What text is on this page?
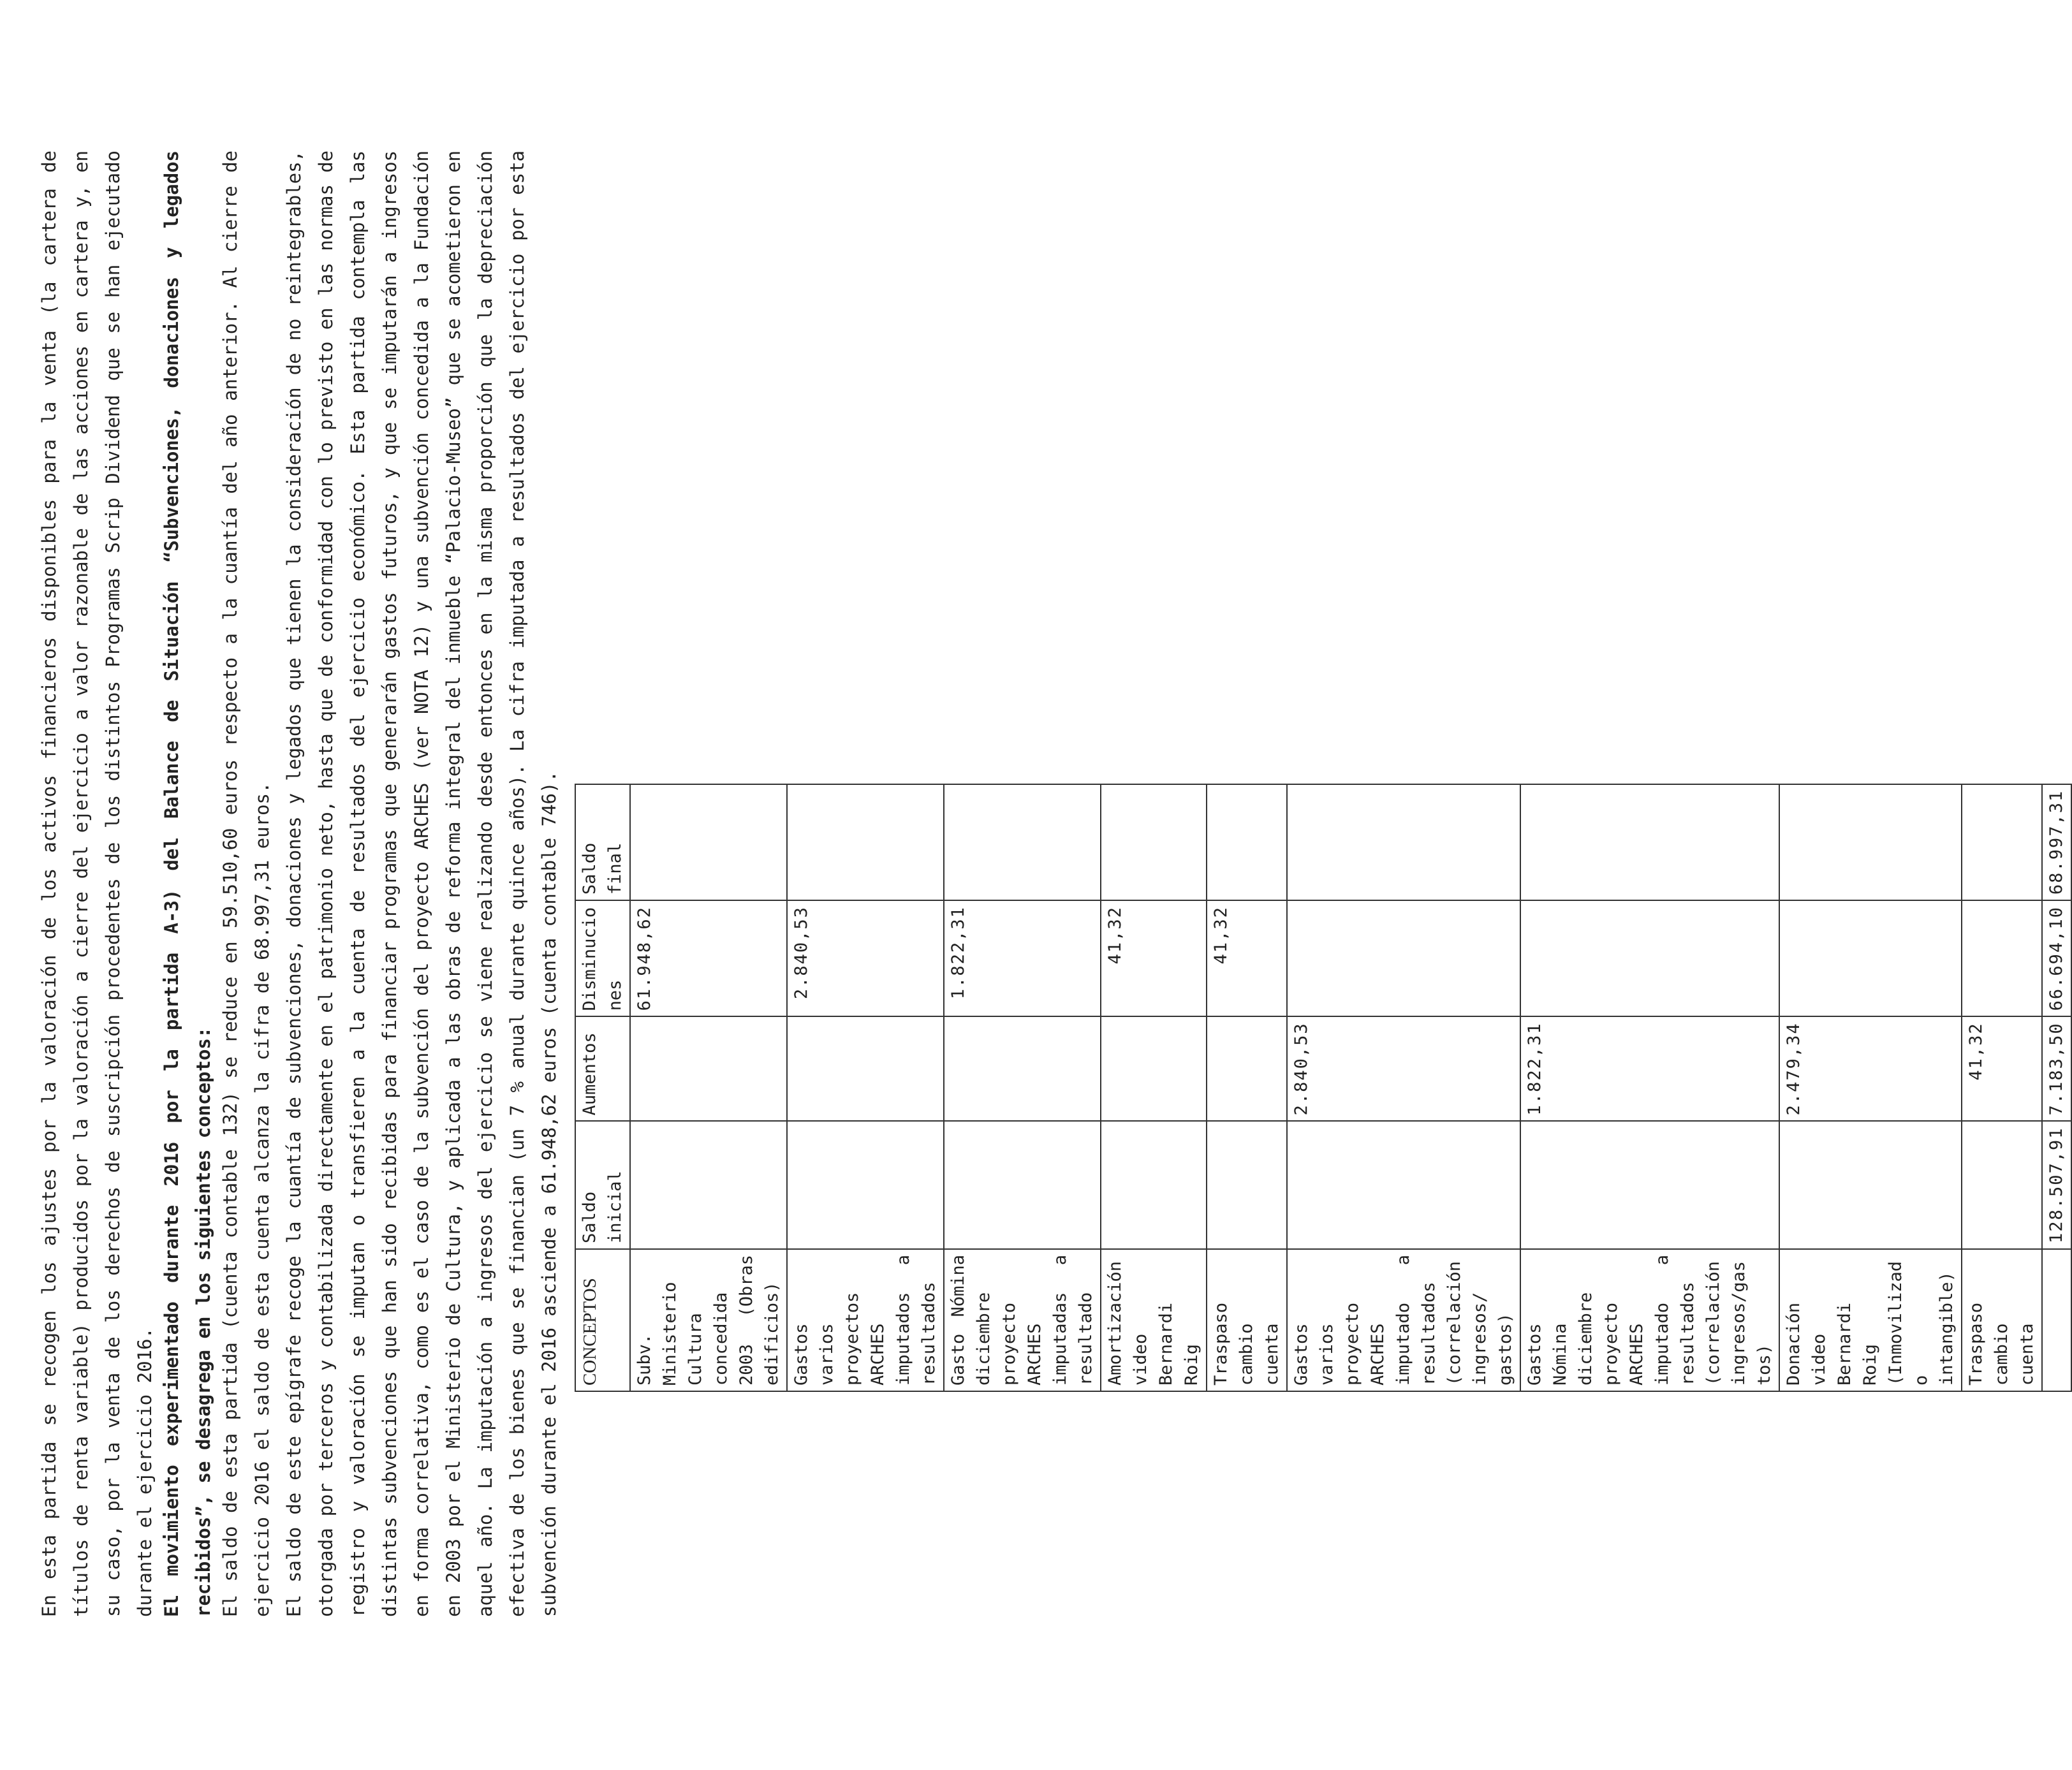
En esta partida se recogen los ajustes por la valoración de los activos financieros disponibles para la venta (la cartera de títulos de renta variable) producidos por la valoración a cierre del ejercicio a valor razonable de las acciones en cartera y, en su caso, por la venta de los derechos de suscripción procedentes de los distintos Programas Scrip Dividend que se han ejecutado durante el ejercicio 2016. El movimiento experimentado durante 2016 por la partida A-3) del Balance de Situación “Subvenciones, donaciones y legados recibidos”, se desagrega en los siguientes conceptos: El saldo de esta partida (cuenta contable 132) se reduce en 59.510,60 euros respecto a la cuantía del año anterior. Al cierre de ejercicio 2016 el saldo de esta cuenta alcanza la cifra de 68.997,31 euros. El saldo de este epígrafe recoge la cuantía de subvenciones, donaciones y legados que tienen la consideración de no reintegrables, otorgada por terceros y contabilizada directamente en el patrimonio neto, hasta que de conformidad con lo previsto en las normas de registro y valoración se imputan o transfieren a la cuenta de resultados del ejercicio económico. Esta partida contempla las distintas subvenciones que han sido recibidas para financiar programas que generarán gastos futuros, y que se imputarán a ingresos en forma correlativa, como es el caso de la subvención del proyecto ARCHES (ver NOTA 12) y una subvención concedida a la Fundación en 2003 por el Ministerio de Cultura, y aplicada a las obras de reforma integral del inmueble “Palacio-Museo” que se acometieron en aquel año. La imputación a ingresos del ejercicio se viene realizando desde entonces en la misma proporción que la depreciación efectiva de los bienes que se financian (un 7 % anual durante quince años). La cifra imputada a resultados del ejercicio por esta subvención durante el 2016 asciende a 61.948,62 euros (cuenta contable 746). CONCEPTOS	Saldo inicial	Aumentos	Disminuciones	Saldo final
Subv. Ministerio Cultura concedida 2003 (Obras edificios)			61.948,62	
Gastos varios proyectos ARCHES imputados a resultados			2.840,53	
Gasto Nómina diciembre proyecto ARCHES imputadas a resultado			1.822,31	
Amortización video Bernardi Roig			41,32	
Traspaso cambio cuenta			41,32	
Gastos varios proyecto ARCHES imputado a resultados (correlación ingresos/ gastos)		2.840,53		
Gastos Nómina diciembre proyecto ARCHES imputado a resultados (correlación ingresos/gastos)		1.822,31		
Donación video Bernardi Roig (Inmovilizado intangible)		2.479,34		
Traspaso cambio cuenta		41,32		
	128.507,91	7.183,50	66.694,10	68.997,31
